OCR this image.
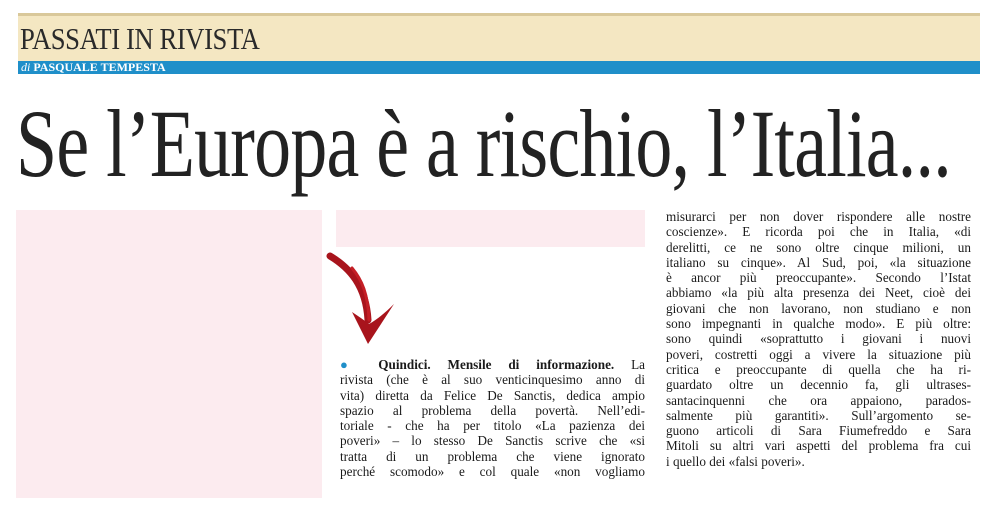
PASSATI IN RIVISTA
di PASQUALE TEMPESTA
Se l’Europa è a rischio, l’Italia...

● Quindici. Mensile di informazione. La

rivista (che è al suo venticinquesimo anno di

vita) diretta da Felice De Sanctis, dedica ampio

spazio al problema della povertà. Nell’edi-

toriale - che ha per titolo «La pazienza dei

poveri» – lo stesso De Sanctis scrive che «si

tratta di un problema che viene ignorato

perché scomodo» e col quale «non vogliamo

misurarci per non dover rispondere alle nostre

coscienze». E ricorda poi che in Italia, «di

derelitti, ce ne sono oltre cinque milioni, un

italiano su cinque». Al Sud, poi, «la situazione

è ancor più preoccupante». Secondo l’Istat

abbiamo «la più alta presenza dei Neet, cioè dei

giovani che non lavorano, non studiano e non

sono impegnanti in qualche modo». E più oltre:

sono quindi «soprattutto i giovani i nuovi

poveri, costretti oggi a vivere la situazione più

critica e preoccupante di quella che ha ri-

guardato oltre un decennio fa, gli ultrases-

santacinquenni che ora appaiono, parados-

salmente più garantiti». Sull’argomento se-

guono articoli di Sara Fiumefreddo e Sara

Mitoli su altri vari aspetti del problema fra cui

i quello dei «falsi poveri».
